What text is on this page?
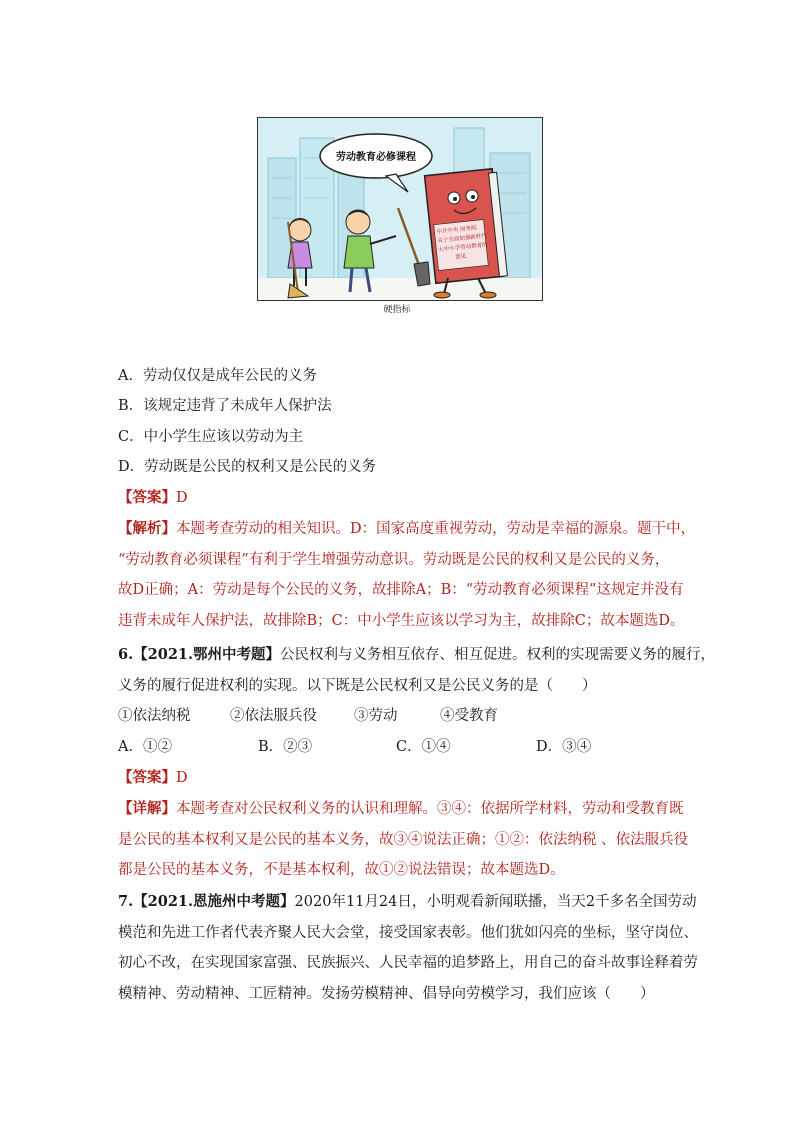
劳动教育必修课程
中共中央 国务院
关于全面加强新时代
大中小学劳动教育的
意见
硬指标
A．劳动仅仅是成年公民的义务
B．该规定违背了未成年人保护法
C．中小学生应该以劳动为主
D．劳动既是公民的权利又是公民的义务
【答案】D
【解析】本题考查劳动的相关知识。D：国家高度重视劳动，劳动是幸福的源泉。题干中，
“劳动教育必须课程”有利于学生增强劳动意识。劳动既是公民的权利又是公民的义务，
故D正确；A：劳动是每个公民的义务，故排除A；B：“劳动教育必须课程”这规定并没有
违背未成年人保护法，故排除B；C：中小学生应该以学习为主，故排除C；故本题选D。
6.【2021.鄂州中考题】公民权利与义务相互依存、相互促进。权利的实现需要义务的履行，
义务的履行促进权利的实现。以下既是公民权利又是公民义务的是（　　）
①依法纳税	②依法服兵役	③劳动	④受教育
A．①②	B．②③	C．①④	D．③④
【答案】D
【详解】本题考查对公民权利义务的认识和理解。③④：依据所学材料，劳动和受教育既
是公民的基本权利又是公民的基本义务，故③④说法正确；①②：依法纳税 、依法服兵役
都是公民的基本义务，不是基本权利，故①②说法错误；故本题选D。
7.【2021.恩施州中考题】2020年11月24日，小明观看新闻联播，当天2千多名全国劳动
模范和先进工作者代表齐聚人民大会堂，接受国家表彰。他们犹如闪亮的坐标，坚守岗位、
初心不改，在实现国家富强、民族振兴、人民幸福的追梦路上，用自己的奋斗故事诠释着劳
模精神、劳动精神、工匠精神。发扬劳模精神、倡导向劳模学习，我们应该（　　）
